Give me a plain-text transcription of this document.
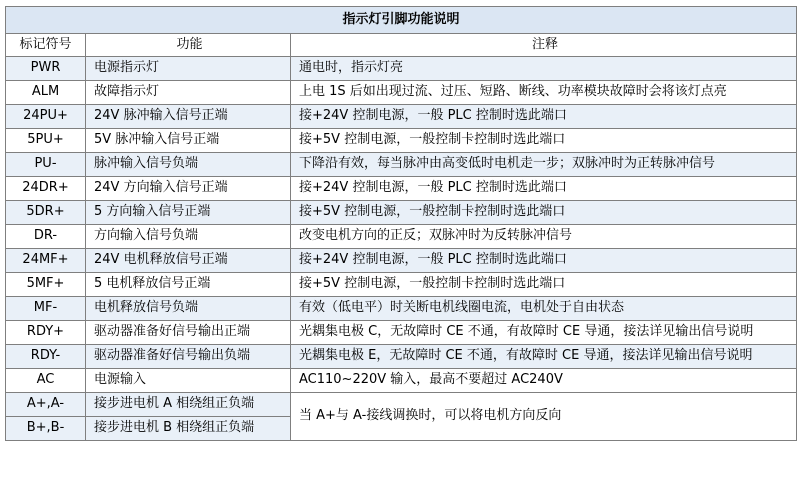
指示灯引脚功能说明		
标记符号	功能	注释
PWR	电源指示灯	通电时，指示灯亮
ALM	故障指示灯	上电 1S 后如出现过流、过压、短路、断线、功率模块故障时会将该灯点亮
24PU+	24V 脉冲输入信号正端	接+24V 控制电源，一般 PLC 控制时选此端口
5PU+	5V 脉冲输入信号正端	接+5V 控制电源，一般控制卡控制时选此端口
PU-	脉冲输入信号负端	下降沿有效，每当脉冲由高变低时电机走一步；双脉冲时为正转脉冲信号
24DR+	24V 方向输入信号正端	接+24V 控制电源，一般 PLC 控制时选此端口
5DR+	5 方向输入信号正端	接+5V 控制电源，一般控制卡控制时选此端口
DR-	方向输入信号负端	改变电机方向的正反；双脉冲时为反转脉冲信号
24MF+	24V 电机释放信号正端	接+24V 控制电源，一般 PLC 控制时选此端口
5MF+	5 电机释放信号正端	接+5V 控制电源，一般控制卡控制时选此端口
MF-	电机释放信号负端	有效（低电平）时关断电机线圈电流，电机处于自由状态
RDY+	驱动器准备好信号输出正端	光耦集电极 C，无故障时 CE 不通，有故障时 CE 导通，接法详见输出信号说明
RDY-	驱动器准备好信号输出负端	光耦集电极 E，无故障时 CE 不通，有故障时 CE 导通，接法详见输出信号说明
AC	电源输入	AC110~220V 输入，最高不要超过 AC240V
A+,A-	接步进电机 A 相绕组正负端	当 A+与 A-接线调换时，可以将电机方向反向
B+,B-	接步进电机 B 相绕组正负端	
